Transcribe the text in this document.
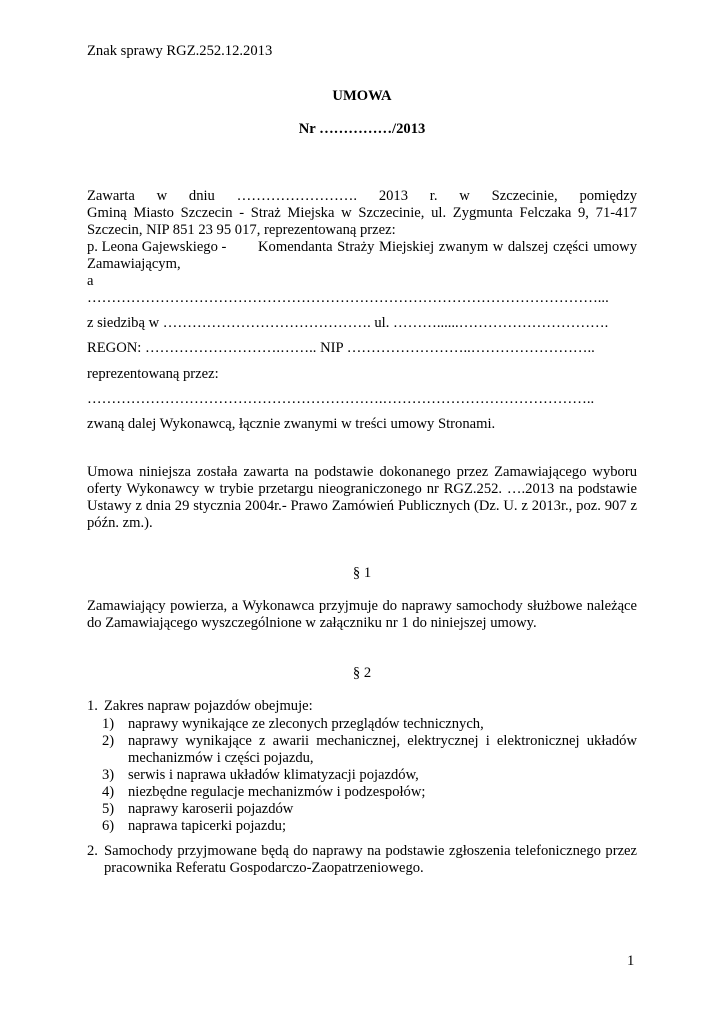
Znak sprawy RGZ.252.12.2013
UMOWA
Nr ……………/2013
Zawarta w dniu ……………………. 2013 r. w Szczecinie, pomiędzy
Gminą Miasto Szczecin - Straż Miejska w Szczecinie, ul. Zygmunta Felczaka 9, 71-417
Szczecin, NIP 851 23 95 017, reprezentowaną przez:
p. Leona Gajewskiego - Komendanta Straży Miejskiej zwanym w dalszej części umowy
Zamawiającym,
a
……………………………………………………………………………………………...
z siedzibą w ……………………………………. ul. ………......………………………….
REGON: ……………………….…….. NIP ……………………..……………………..
reprezentowaną przez:
…………………………………………………….……………………………………..
zwaną dalej Wykonawcą, łącznie zwanymi w treści umowy Stronami.
Umowa niniejsza została zawarta na podstawie dokonanego przez Zamawiającego wyboru
oferty Wykonawcy w trybie przetargu nieograniczonego nr RGZ.252. ….2013 na podstawie
Ustawy z dnia 29 stycznia 2004r.- Prawo Zamówień Publicznych (Dz. U. z 2013r., poz. 907 z
późn. zm.).
§ 1
Zamawiający powierza, a Wykonawca przyjmuje do naprawy samochody służbowe należące
do Zamawiającego wyszczególnione w załączniku nr 1 do niniejszej umowy.
§ 2
1. Zakres napraw pojazdów obejmuje:
1) naprawy wynikające ze zleconych przeglądów technicznych,
2) naprawy wynikające z awarii mechanicznej, elektrycznej i elektronicznej układów
mechanizmów i części pojazdu,
3) serwis i naprawa układów klimatyzacji pojazdów,
4) niezbędne regulacje mechanizmów i podzespołów;
5) naprawy karoserii pojazdów
6) naprawa tapicerki pojazdu;
2. Samochody przyjmowane będą do naprawy na podstawie zgłoszenia telefonicznego przez
pracownika Referatu Gospodarczo-Zaopatrzeniowego.
1
